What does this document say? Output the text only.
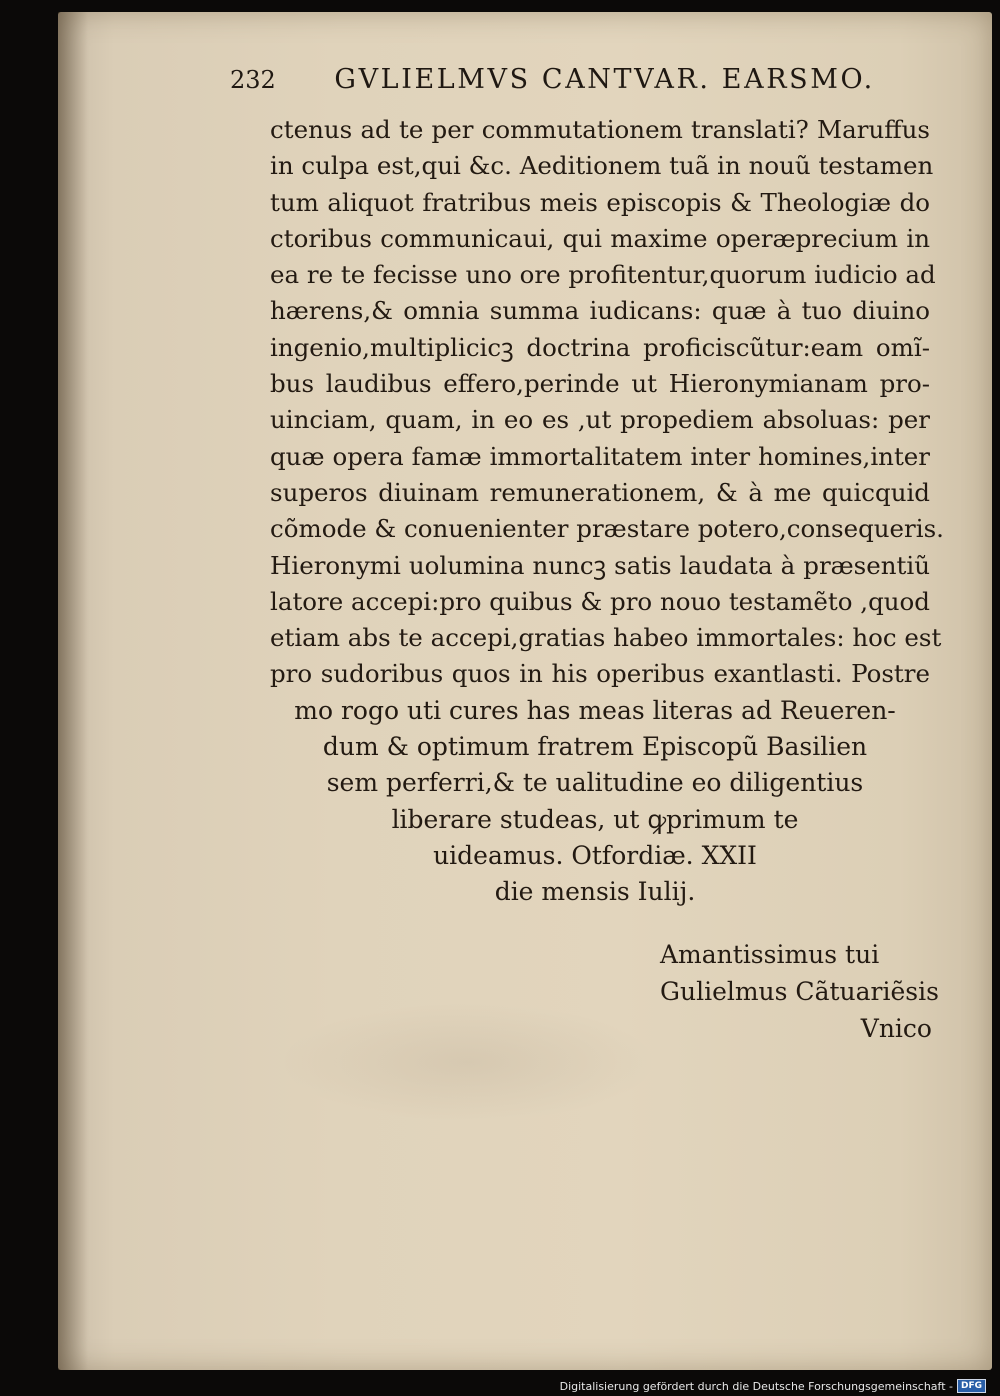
232 GVLIELMVS CANTVAR. EARSMO.
ctenus ad te per commutationem translati? Maruffus
in culpa est,qui &c. Aeditionem tuã in nouũ testamen
tum aliquot fratribus meis episcopis & Theologiæ do
ctoribus communicaui, qui maxime operæprecium in
ea re te fecisse uno ore profitentur,quorum iudicio ad
hærens,& omnia summa iudicans: quæ à tuo diuino
ingenio,multiplicicꝫ doctrina proficiscũtur:eam omĩ-
bus laudibus effero,perinde ut Hieronymianam pro-
uinciam, quam, in eo es ,ut propediem absoluas: per
quæ opera famæ immortalitatem inter homines,inter
superos diuinam remunerationem, & à me quicquid
cõmode & conuenienter præstare potero,consequeris.
Hieronymi uolumina nuncꝫ satis laudata à præsentiũ
latore accepi:pro quibus & pro nouo testamẽto ,quod
etiam abs te accepi,gratias habeo immortales: hoc est
pro sudoribus quos in his operibus exantlasti. Postre
mo rogo uti cures has meas literas ad Reueren-
dum & optimum fratrem Episcopũ Basilien
sem perferri,& te ualitudine eo diligentius
liberare studeas, ut ꝙprimum te
uideamus. Otfordiæ. XXII
die mensis Iulij.
Amantissimus tui
Gulielmus Cãtuariẽsis
Vnico
Digitalisierung gefördert durch die Deutsche Forschungsgemeinschaft - DFG
